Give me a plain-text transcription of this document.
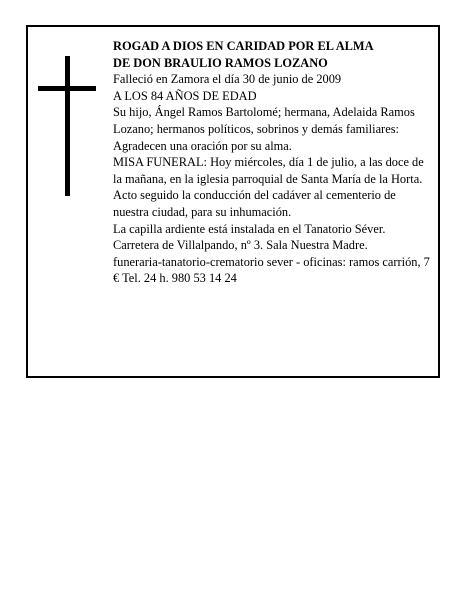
ROGAD A DIOS EN CARIDAD POR EL ALMA

DE DON BRAULIO RAMOS LOZANO

Falleció en Zamora el día 30 de junio de 2009

A LOS 84 AÑOS DE EDAD

Su hijo, Ángel Ramos Bartolomé; hermana, Adelaida Ramos Lozano; hermanos políticos, sobrinos y demás familiares:

Agradecen una oración por su alma.

MISA FUNERAL: Hoy miércoles, día 1 de julio, a las doce de la mañana, en la iglesia parroquial de Santa María de la Horta. Acto seguido la conducción del cadáver al cementerio de nuestra ciudad, para su inhumación.

La capilla ardiente está instalada en el Tanatorio Séver. Carretera de Villalpando, nº 3. Sala Nuestra Madre.

funeraria-tanatorio-crematorio sever - oficinas: ramos carrión, 7 € Tel. 24 h. 980 53 14 24
